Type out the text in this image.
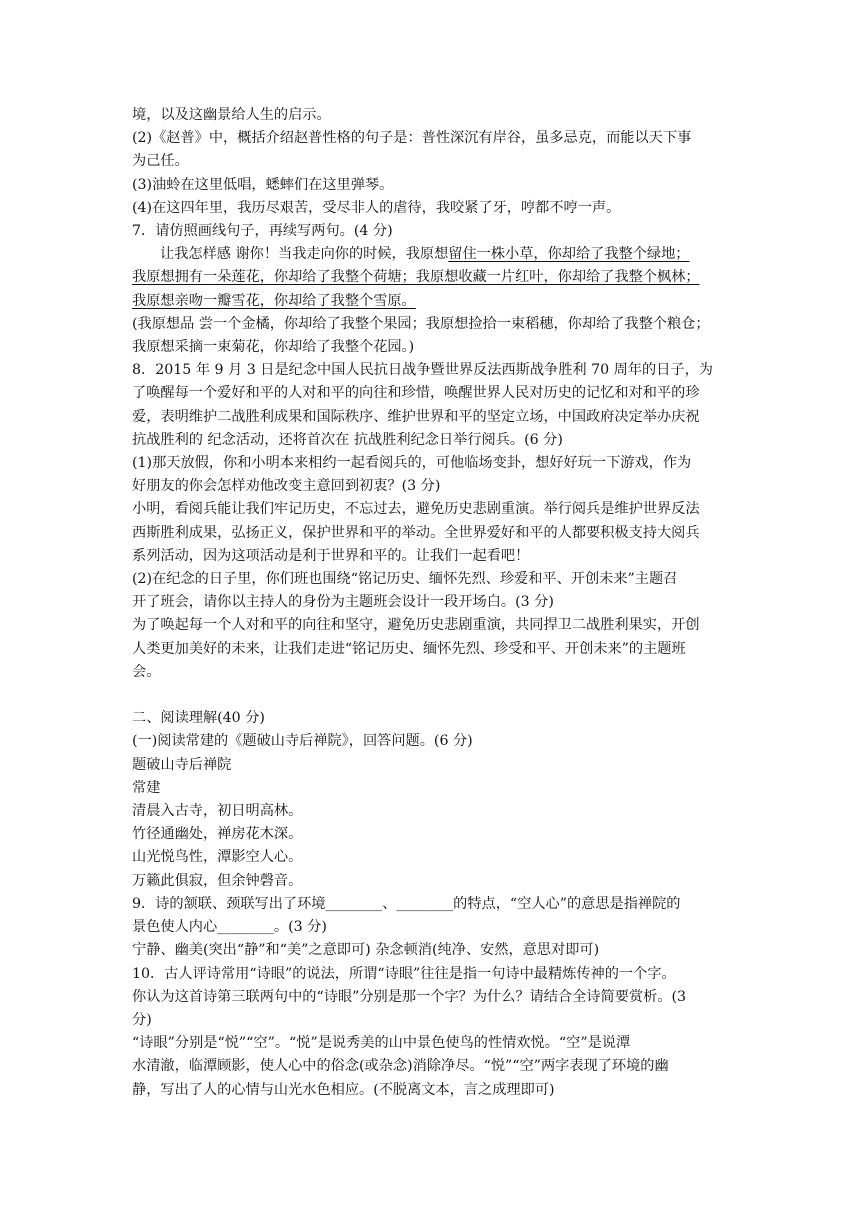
境，以及这幽景给人生的启示。
(2)《赵普》中，概括介绍赵普性格的句子是：普性深沉有岸谷，虽多忌克，而能以天下事
为己任。
(3)油蛉在这里低唱，蟋蟀们在这里弹琴。
(4)在这四年里，我历尽艰苦，受尽非人的虐待，我咬紧了牙，哼都不哼一声。
7．请仿照画线句子，再续写两句。(4 分)
让我怎样感 谢你！当我走向你的时候，我原想留住一株小草，你却给了我整个绿地；
我原想拥有一朵莲花，你却给了我整个荷塘；我原想收藏一片红叶，你却给了我整个枫林；
我原想亲吻一瓣雪花，你却给了我整个雪原。
(我原想品 尝一个金橘，你却给了我整个果园；我原想捡拾一束稻穗，你却给了我整个粮仓；
我原想采摘一束菊花，你却给了我整个花园。)
8．2015 年 9 月 3 日是纪念中国人民抗日战争暨世界反法西斯战争胜利 70 周年的日子，为
了唤醒每一个爱好和平的人对和平的向往和珍惜，唤醒世界人民对历史的记忆和对和平的珍
爱，表明维护二战胜利成果和国际秩序、维护世界和平的坚定立场，中国政府决定举办庆祝
抗战胜利的 纪念活动，还将首次在 抗战胜利纪念日举行阅兵。(6 分)
(1)那天放假，你和小明本来相约一起看阅兵的，可他临场变卦，想好好玩一下游戏，作为
好朋友的你会怎样劝他改变主意回到初衷？(3 分)
小明，看阅兵能让我们牢记历史，不忘过去，避免历史悲剧重演。举行阅兵是维护世界反法
西斯胜利成果，弘扬正义，保护世界和平的举动。全世界爱好和平的人都要积极支持大阅兵
系列活动，因为这项活动是利于世界和平的。让我们一起看吧！
(2)在纪念的日子里，你们班也围绕“铭记历史、缅怀先烈、珍爱和平、开创未来”主题召
开了班会，请你以主持人的身份为主题班会设计一段开场白。(3 分)
为了唤起每一个人对和平的向往和坚守，避免历史悲剧重演，共同捍卫二战胜利果实，开创
人类更加美好的未来，让我们走进“铭记历史、缅怀先烈、珍受和平、开创未来”的主题班
会。
二、阅读理解(40 分)
(一)阅读常建的《题破山寺后禅院》，回答问题。(6 分)
题破山寺后禅院
常建
清晨入古寺，初日明高林。
竹径通幽处，禅房花木深。
山光悦鸟性，潭影空人心。
万籁此俱寂，但余钟磬音。
9．诗的颔联、颈联写出了环境________、________的特点，“空人心”的意思是指禅院的
景色使人内心________。(3 分)
宁静、幽美(突出“静”和“美”之意即可) 杂念顿消(纯净、安然，意思对即可)
10．古人评诗常用“诗眼”的说法，所谓“诗眼”往往是指一句诗中最精炼传神的一个字。
你认为这首诗第三联两句中的“诗眼”分别是那一个字？为什么？请结合全诗简要赏析。(3
分)
“诗眼”分别是“悦”“空”。“悦”是说秀美的山中景色使鸟的性情欢悦。“空”是说潭
水清澈，临潭顾影，使人心中的俗念(或杂念)消除净尽。“悦”“空”两字表现了环境的幽
静，写出了人的心情与山光水色相应。(不脱离文本，言之成理即可)
